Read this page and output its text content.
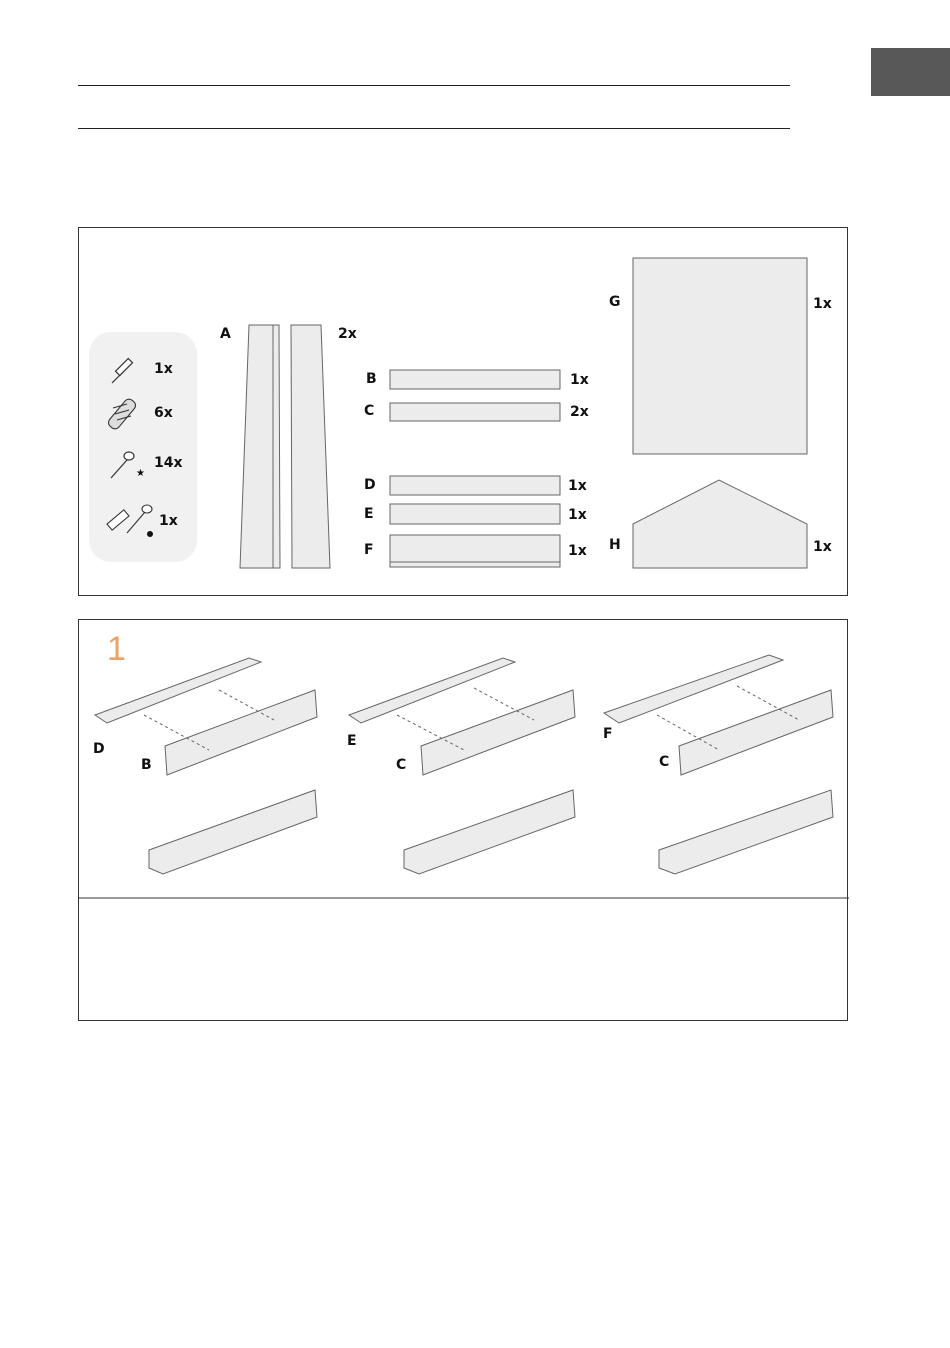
★
1x
6x
14x
1x
A	2x
B	1x
C	2x
D	1x
E	1x
F	1x
G	1x
H	1x
1
D
B
E
C
F
C
